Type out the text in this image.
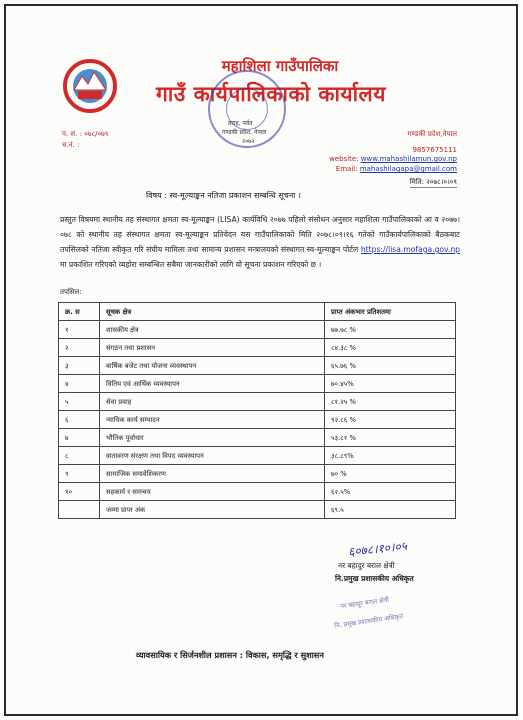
महाशिला गाउँपालिका
गाउँ कार्यपालिकाको कार्यालय
वराह, पर्वत
गण्डकी प्रदेश, नेपाल
२०७२
प. सं. : ०७८/०७९
च.नं. :
गण्डकी प्रदेश,नेपाल
9857675111
website: www.mahashilamun.gov.np
Email: mahashilagapa@gmail.com
मिति: २०७८।०।०९
विषय : स्व-मूल्याङ्कन नतिजा प्रकाशन सम्बन्धि सूचना ।
प्रस्तुत विषयमा स्थानीय तह संस्थागत क्षमता स्व-मूल्याङ्कन (LISA) कार्यविधि २०७७ पहिलो संसोधन अनुसार महाशिला गाउँपालिकाको आ व २०७७।०७८ को स्थानीय तह संस्थागत क्षमता स्व-मूल्याङ्कन प्रतिवेदन यस गाउँपालिकाको मिति २०७८।०९।१६ गतेको गाउँकार्यपालिकाको बैठकबाट तपसिलको नतिजा स्वीकृत गरि संघीय मामिला तथा सामान्य प्रशासन मन्त्रालयको संस्थागत स्व-मूल्याङ्कन पोर्टल https://lisa.mofaga.gov.np मा प्रकाशित गरिएको व्यहोरा सम्बन्धित सबैमा जानकारीको लागि यो सूचना प्रकाशन गरिएको छ ।
तपसिल:
क्र. स	सूचक क्षेत्र	प्राप्त अंकभार प्रतिशतमा
१	शासकीय क्षेत्र	७७.७८ %
२	संगठन तथा प्रशासन	८४.३८ %
३	बार्षिक बजेट तथा योजना व्यवस्थापन	६५.७६ %
४	वितिय एवं आर्थिक व्यवस्थापन	७०.४५%
५	सेवा प्रवाह	८१.२५ %
६	न्यायिक कार्य सम्पादन	९२.८६ %
७	भौतिक पूर्वाधार	५३.८१ %
८	वातावरण संरक्षण तथा विपद व्यवस्थापन	३८.८९%
९	सामाजिक समावेशिकरण	७० %
१०	सहकार्य र समन्वय	६२.५%
	जम्मा प्राप्त अंक	६९.५
६०७८।१०।०५
नर बहादुर बराल क्षेत्री
नि.प्रमुख प्रशासकीय अधिकृत
नर बहादुर बराल क्षेत्री
नि. प्रमुख प्रशासकीय अधिकृत
व्यावसायिक र सिर्जनशील प्रशासन : विकास, समृद्धि र सुशासन
